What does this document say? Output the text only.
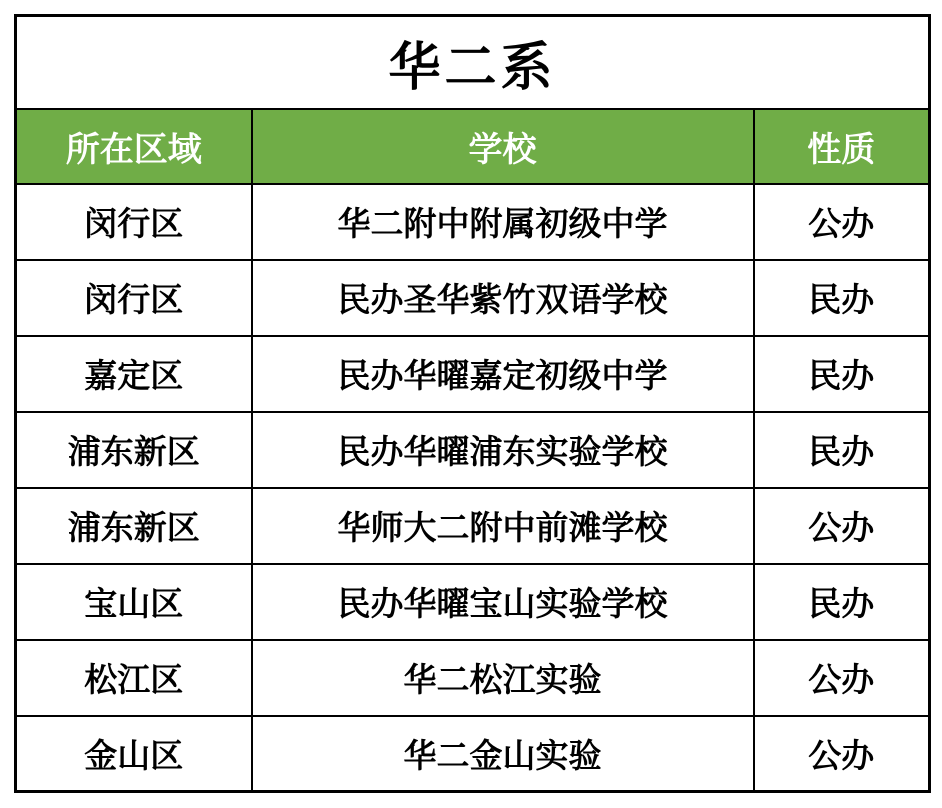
华二系		
所在区域	学校	性质
闵行区	华二附中附属初级中学	公办
闵行区	民办圣华紫竹双语学校	民办
嘉定区	民办华曜嘉定初级中学	民办
浦东新区	民办华曜浦东实验学校	民办
浦东新区	华师大二附中前滩学校	公办
宝山区	民办华曜宝山实验学校	民办
松江区	华二松江实验	公办
金山区	华二金山实验	公办
